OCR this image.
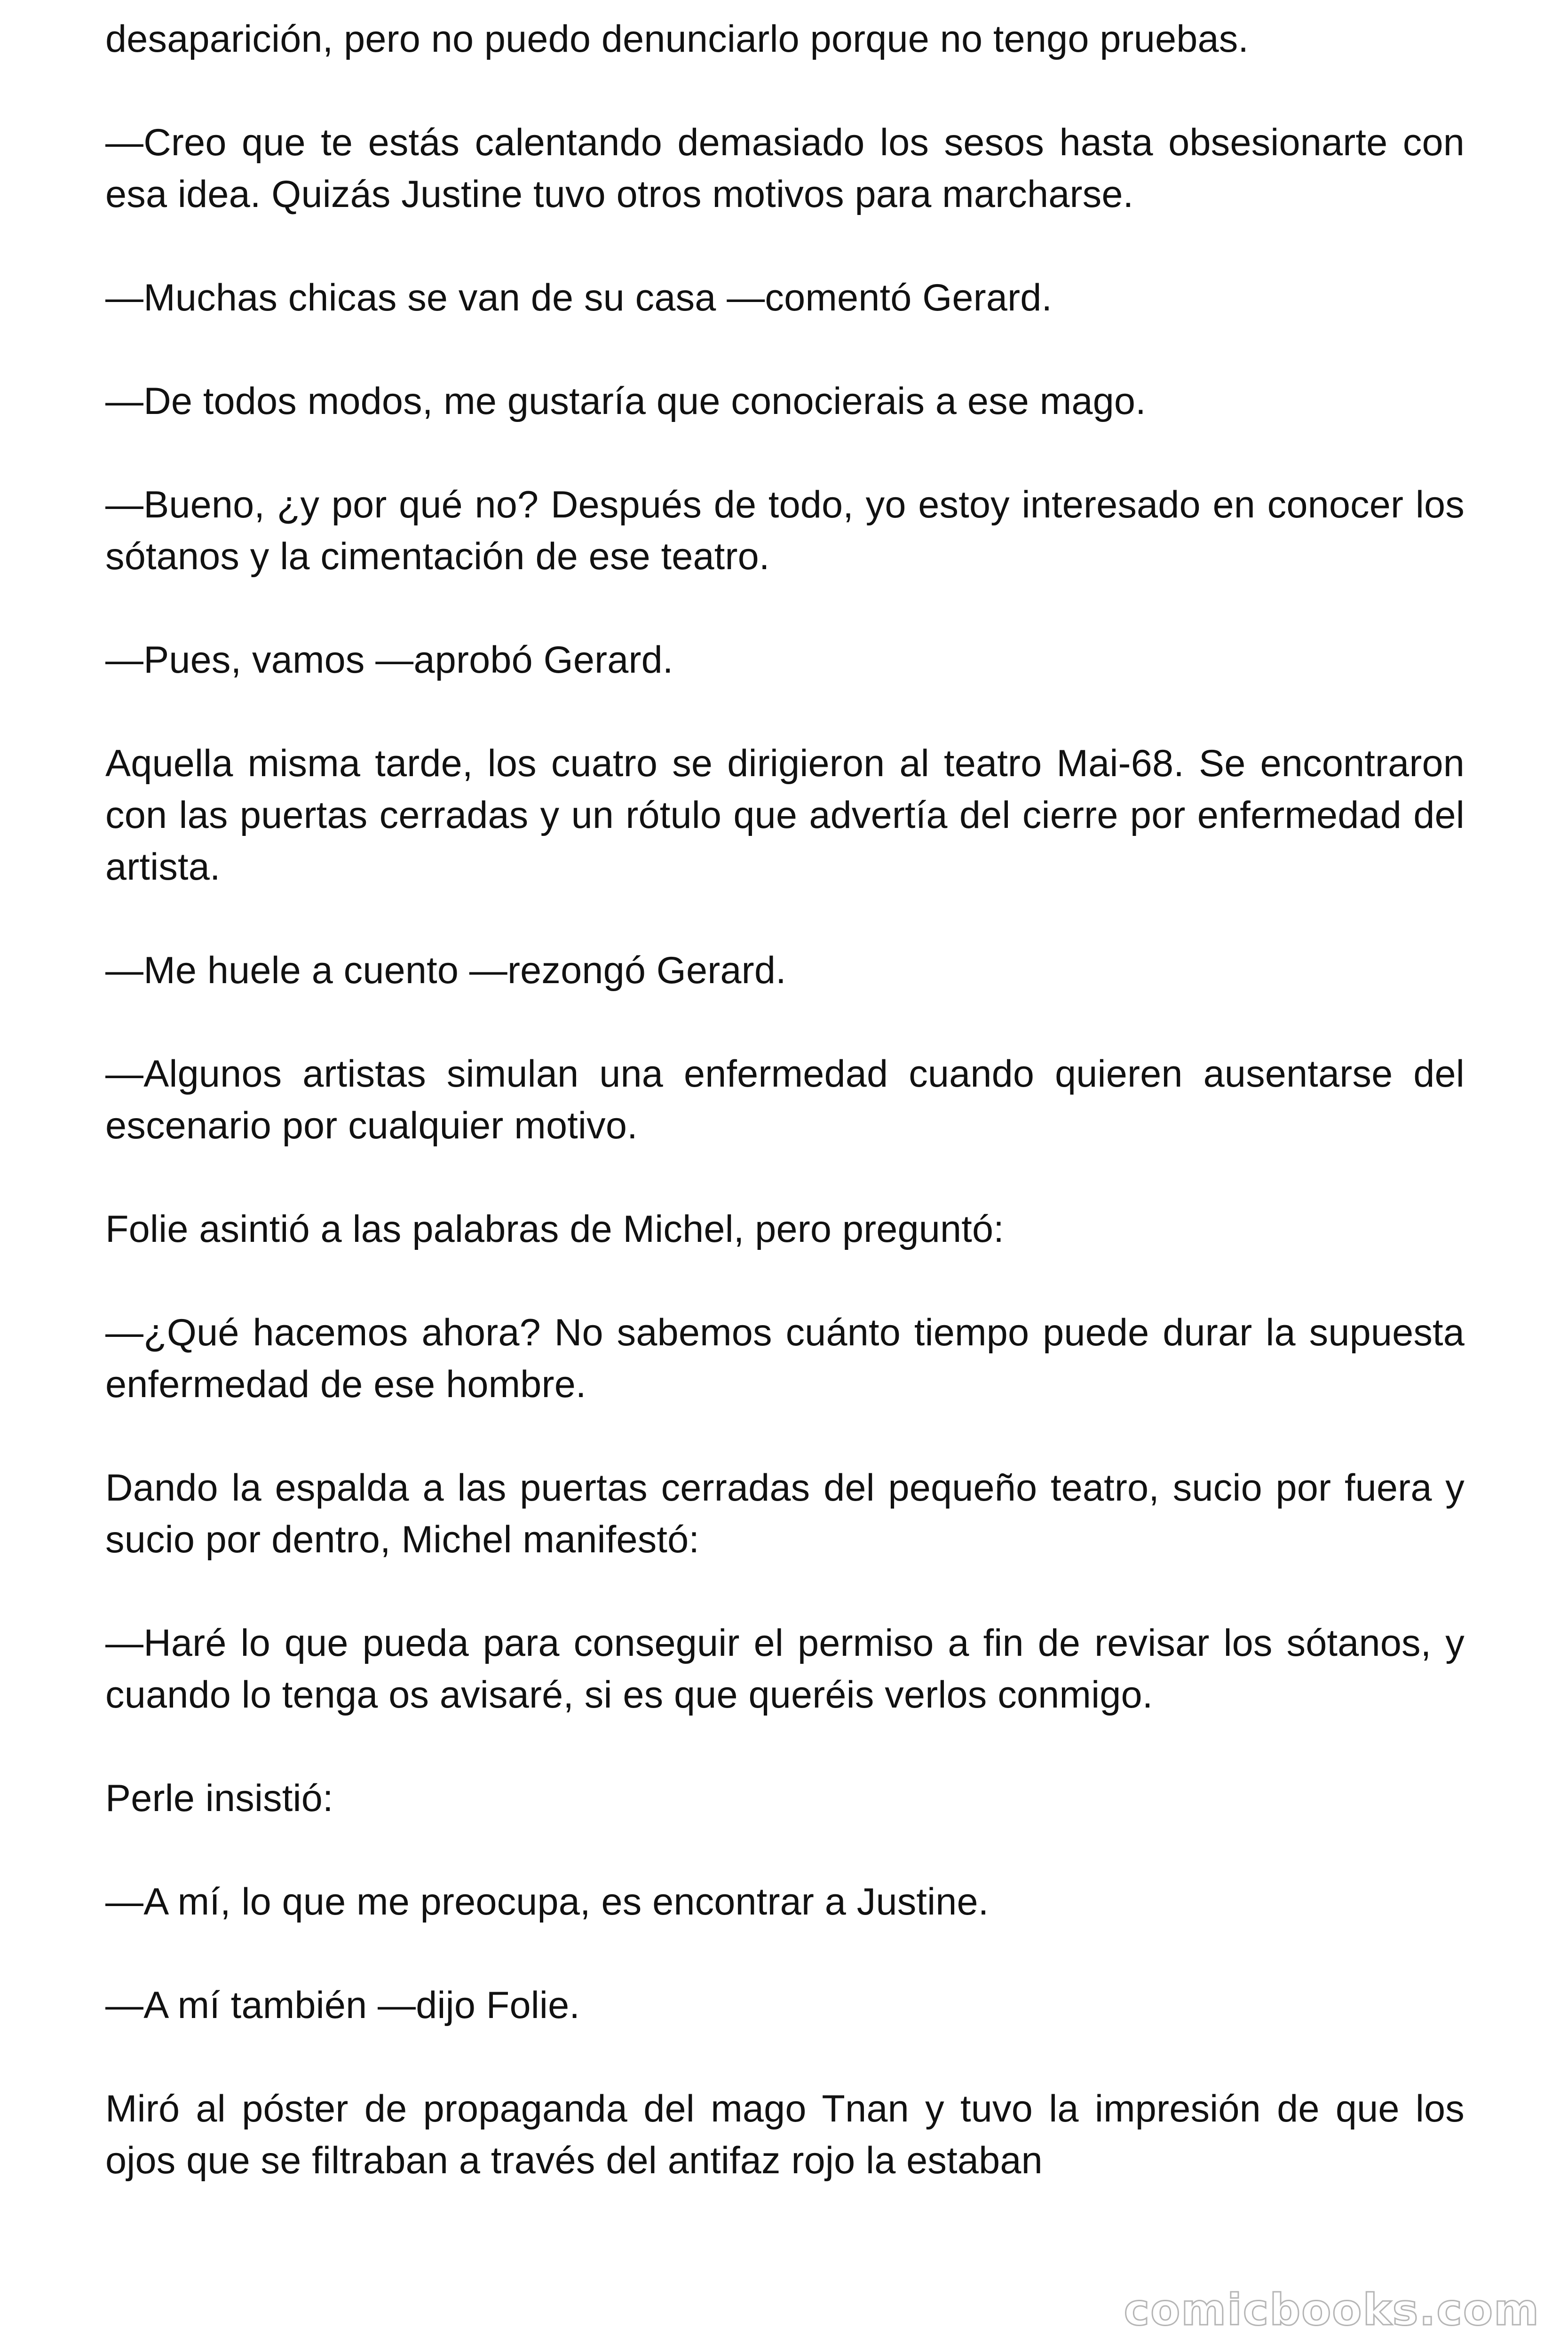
desaparición, pero no puedo denunciarlo porque no tengo pruebas.

—Creo que te estás calentando demasiado los sesos hasta obsesionarte con esa idea. Quizás Justine tuvo otros motivos para marcharse.

—Muchas chicas se van de su casa —comentó Gerard.

—De todos modos, me gustaría que conocierais a ese mago.

—Bueno, ¿y por qué no? Después de todo, yo estoy interesado en conocer los sótanos y la cimentación de ese teatro.

—Pues, vamos —aprobó Gerard.

Aquella misma tarde, los cuatro se dirigieron al teatro Mai-68. Se encontraron con las puertas cerradas y un rótulo que advertía del cierre por enfermedad del artista.

—Me huele a cuento —rezongó Gerard.

—Algunos artistas simulan una enfermedad cuando quieren ausentarse del escenario por cualquier motivo.

Folie asintió a las palabras de Michel, pero preguntó:

—¿Qué hacemos ahora? No sabemos cuánto tiempo puede durar la supuesta enfermedad de ese hombre.

Dando la espalda a las puertas cerradas del pequeño teatro, sucio por fuera y sucio por dentro, Michel manifestó:

—Haré lo que pueda para conseguir el permiso a fin de revisar los sótanos, y cuando lo tenga os avisaré, si es que queréis verlos conmigo.

Perle insistió:

—A mí, lo que me preocupa, es encontrar a Justine.

—A mí también —dijo Folie.

Miró al póster de propaganda del mago Tnan y tuvo la impresión de que los ojos que se filtraban a través del antifaz rojo la estaban

comicbooks.com
